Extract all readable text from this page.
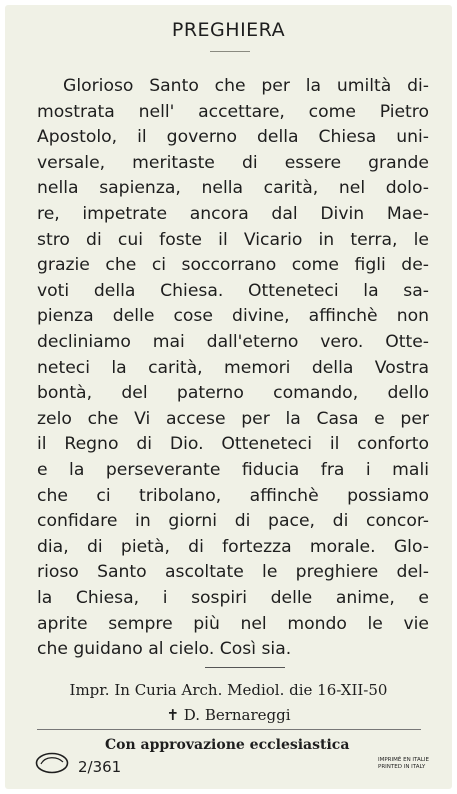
PREGHIERA
Glorioso Santo che per la umiltà di-
mostrata nell' accettare, come Pietro
Apostolo, il governo della Chiesa uni-
versale, meritaste di essere grande
nella sapienza, nella carità, nel dolo-
re, impetrate ancora dal Divin Mae-
stro di cui foste il Vicario in terra, le
grazie che ci soccorrano come figli de-
voti della Chiesa. Otteneteci la sa-
pienza delle cose divine, affinchè non
decliniamo mai dall'eterno vero. Otte-
neteci la carità, memori della Vostra
bontà, del paterno comando, dello
zelo che Vi accese per la Casa e per
il Regno di Dio. Otteneteci il conforto
e la perseverante fiducia fra i mali
che ci tribolano, affinchè possiamo
confidare in giorni di pace, di concor-
dia, di pietà, di fortezza morale. Glo-
rioso Santo ascoltate le preghiere del-
la Chiesa, i sospiri delle anime, e
aprite sempre più nel mondo le vie
che guidano al cielo. Così sia.
Impr. In Curia Arch. Mediol. die 16-XII-50
✝ D. Bernareggi
Con approvazione ecclesiastica
2/361	IMPRIMÉ EN ITALIE
PRINTED IN ITALY
